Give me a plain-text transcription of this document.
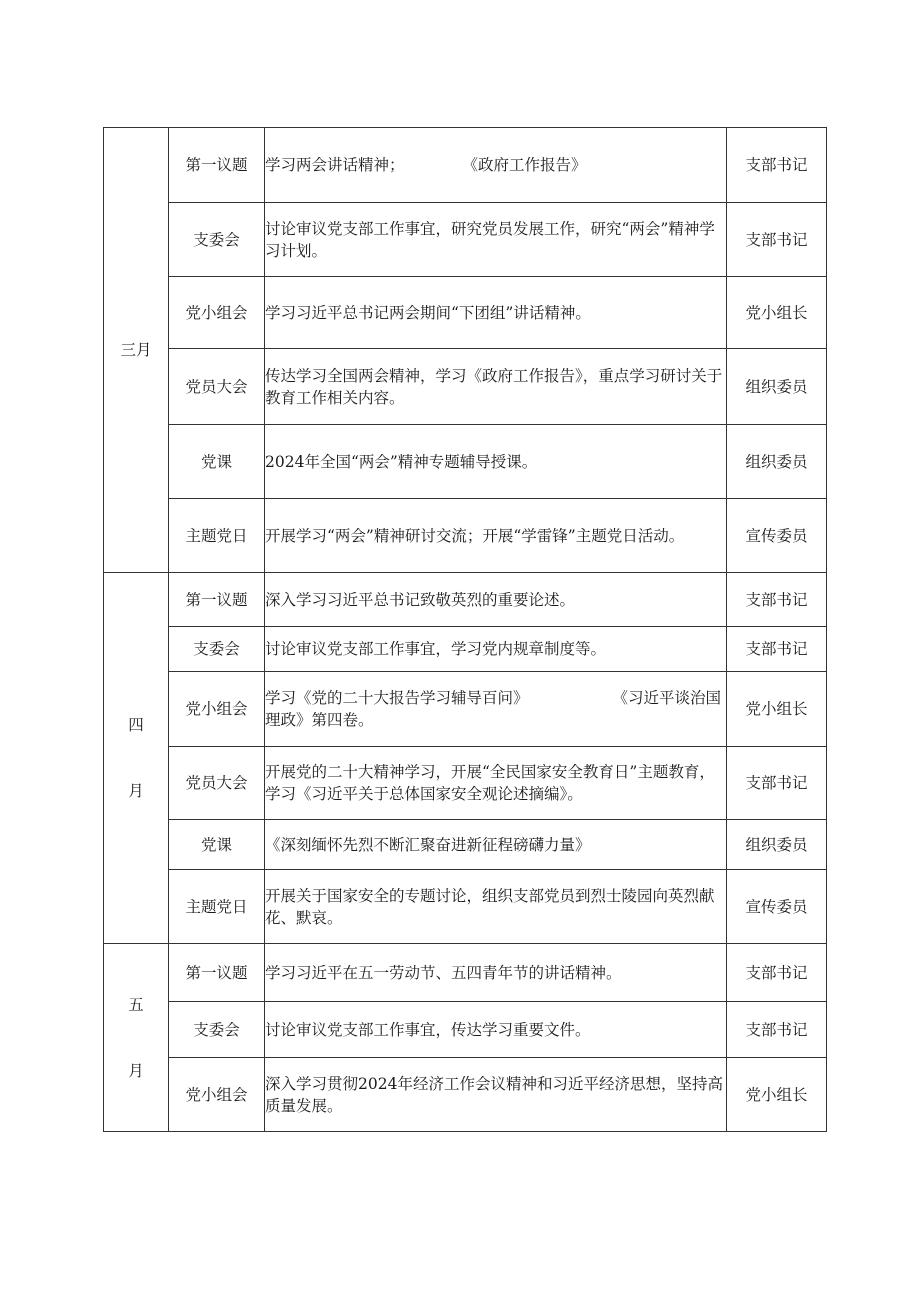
三月	第一议题	学习两会讲话精神； 《政府工作报告》	支部书记
	支委会	讨论审议党支部工作事宜，研究党员发展工作，研究“两会”精神学习计划。	支部书记
	党小组会	学习习近平总书记两会期间“下团组”讲话精神。	党小组长
	党员大会	传达学习全国两会精神，学习《政府工作报告》，重点学习研讨关于教育工作相关内容。	组织委员
	党课	2024年全国“两会”精神专题辅导授课。	组织委员
	主题党日	开展学习“两会”精神研讨交流；开展“学雷锋”主题党日活动。	宣传委员

四
月	第一议题	深入学习习近平总书记致敬英烈的重要论述。	支部书记
	支委会	讨论审议党支部工作事宜，学习党内规章制度等。	支部书记
	党小组会	学习《党的二十大报告学习辅导百问》 《习近平谈治国理政》第四卷。	党小组长
	党员大会	开展党的二十大精神学习，开展“全民国家安全教育日”主题教育，学习《习近平关于总体国家安全观论述摘编》。	支部书记
	党课	《深刻缅怀先烈不断汇聚奋进新征程磅礴力量》	组织委员
	主题党日	开展关于国家安全的专题讨论，组织支部党员到烈士陵园向英烈献花、默哀。	宣传委员

五
月	第一议题	学习习近平在五一劳动节、五四青年节的讲话精神。	支部书记
	支委会	讨论审议党支部工作事宜，传达学习重要文件。	支部书记
	党小组会	深入学习贯彻2024年经济工作会议精神和习近平经济思想，坚持高质量发展。	党小组长
